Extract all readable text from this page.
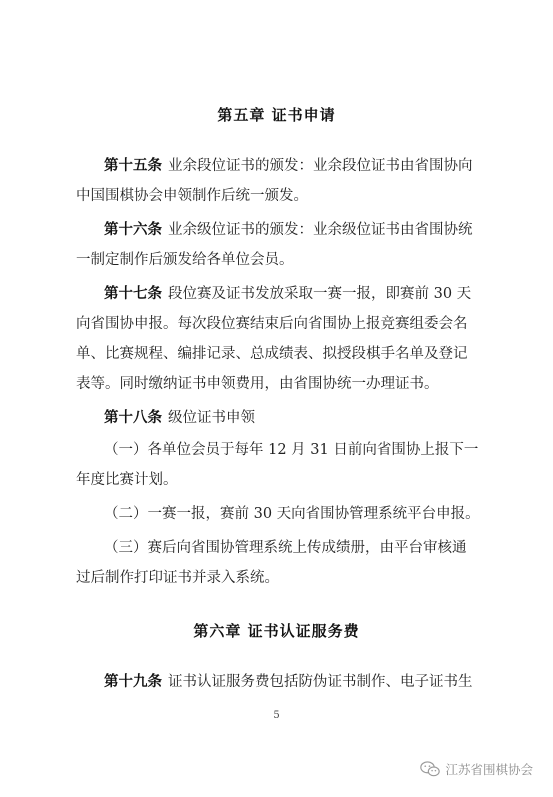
第五章 证书申请
第十五条 业余段位证书的颁发：业余段位证书由省围协向
中国围棋协会申领制作后统一颁发。
第十六条 业余级位证书的颁发：业余级位证书由省围协统
一制定制作后颁发给各单位会员。
第十七条 段位赛及证书发放采取一赛一报，即赛前 30 天
向省围协申报。每次段位赛结束后向省围协上报竞赛组委会名
单、比赛规程、编排记录、总成绩表、拟授段棋手名单及登记
表等。同时缴纳证书申领费用，由省围协统一办理证书。
第十八条 级位证书申领
（一）各单位会员于每年 12 月 31 日前向省围协上报下一
年度比赛计划。
（二）一赛一报，赛前 30 天向省围协管理系统平台申报。
（三）赛后向省围协管理系统上传成绩册，由平台审核通
过后制作打印证书并录入系统。
第六章 证书认证服务费
第十九条 证书认证服务费包括防伪证书制作、电子证书生
5
江苏省围棋协会
